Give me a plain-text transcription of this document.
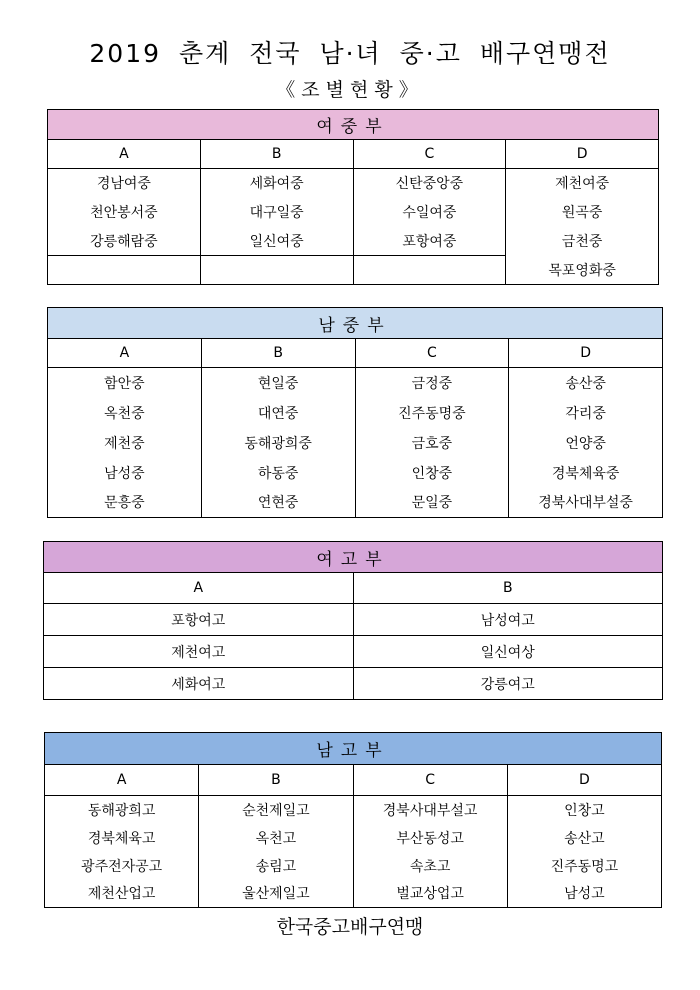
2019 춘계 전국 남·녀 중·고 배구연맹전
《조별현황》
여중부			
A	B	C	D
경남여중	세화여중	신탄중앙중	제천여중
천안봉서중	대구일중	수일여중	원곡중
강릉해람중	일신여중	포항여중	금천중
			목포영화중
남중부			
A	B	C	D
함안중	현일중	금정중	송산중
옥천중	대연중	진주동명중	각리중
제천중	동해광희중	금호중	언양중
남성중	하동중	인창중	경북체육중
문흥중	연현중	문일중	경북사대부설중
여고부	
A	B
포항여고	남성여고
제천여고	일신여상
세화여고	강릉여고
남고부			
A	B	C	D
동해광희고	순천제일고	경북사대부설고	인창고
경북체육고	옥천고	부산동성고	송산고
광주전자공고	송림고	속초고	진주동명고
제천산업고	울산제일고	벌교상업고	남성고
한국중고배구연맹
